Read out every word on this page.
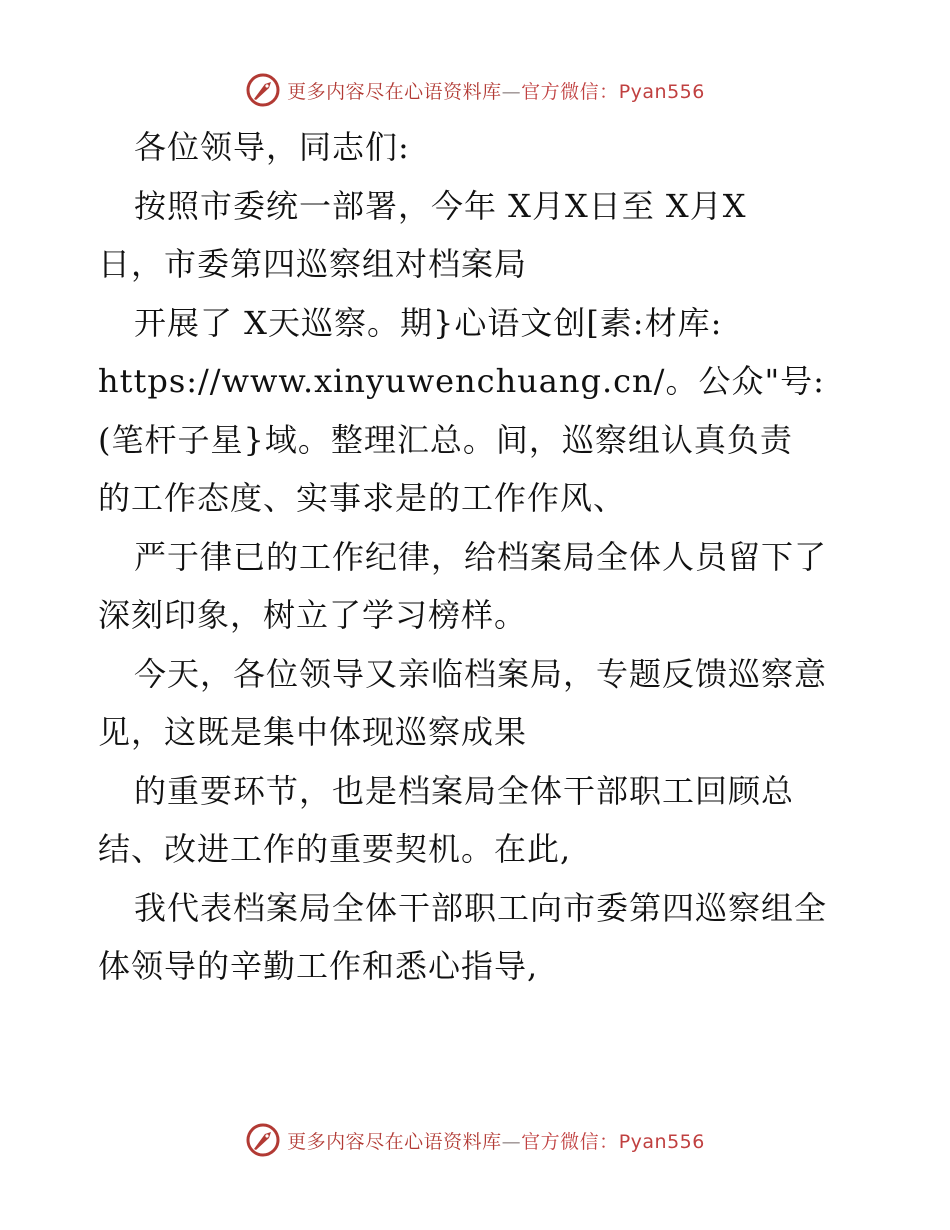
更多内容尽在心语资料库—官方微信：Pyan556
各位领导，同志们:
按照市委统一部署，今年 X月X日至 X月X
日，市委第四巡察组对档案局
开展了 X天巡察。期}心语文创[素:材库:
https://www.xinyuwenchuang.cn/。公众"号:
(笔杆子星}域。整理汇总。间，巡察组认真负责
的工作态度、实事求是的工作作风、
严于律已的工作纪律，给档案局全体人员留下了
深刻印象，树立了学习榜样。
今天，各位领导又亲临档案局，专题反馈巡察意
见，这既是集中体现巡察成果
的重要环节，也是档案局全体干部职工回顾总
结、改进工作的重要契机。在此,
我代表档案局全体干部职工向市委第四巡察组全
体领导的辛勤工作和悉心指导,
更多内容尽在心语资料库—官方微信：Pyan556
